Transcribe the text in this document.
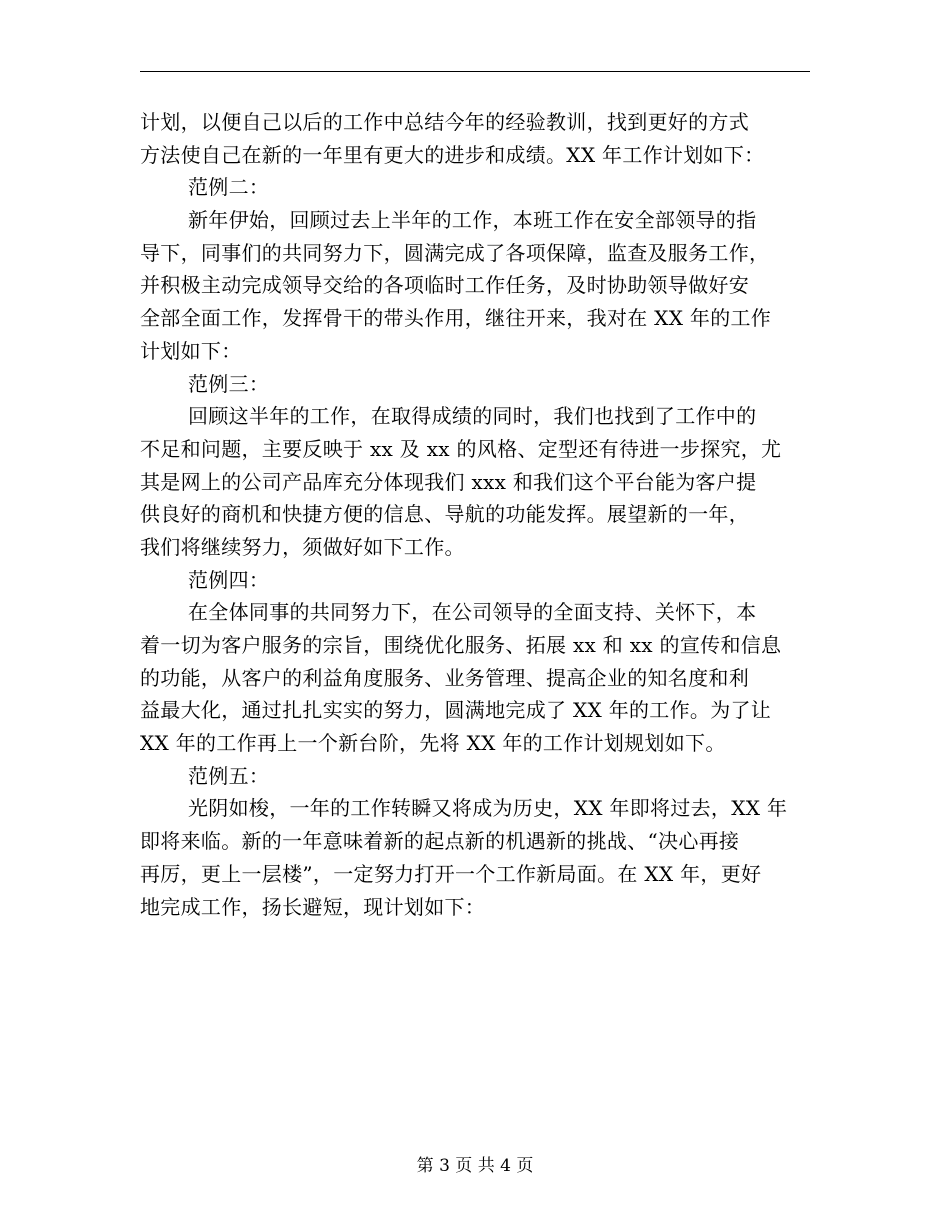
计划，以便自己以后的工作中总结今年的经验教训，找到更好的方式
方法使自己在新的一年里有更大的进步和成绩。XX 年工作计划如下：
范例二：
新年伊始，回顾过去上半年的工作，本班工作在安全部领导的指
导下，同事们的共同努力下，圆满完成了各项保障，监查及服务工作，
并积极主动完成领导交给的各项临时工作任务，及时协助领导做好安
全部全面工作，发挥骨干的带头作用，继往开来，我对在 XX 年的工作
计划如下：
范例三：
回顾这半年的工作，在取得成绩的同时，我们也找到了工作中的
不足和问题，主要反映于 xx 及 xx 的风格、定型还有待进一步探究，尤
其是网上的公司产品库充分体现我们 xxx 和我们这个平台能为客户提
供良好的商机和快捷方便的信息、导航的功能发挥。展望新的一年，
我们将继续努力，须做好如下工作。
范例四：
在全体同事的共同努力下，在公司领导的全面支持、关怀下，本
着一切为客户服务的宗旨，围绕优化服务、拓展 xx 和 xx 的宣传和信息
的功能，从客户的利益角度服务、业务管理、提高企业的知名度和利
益最大化，通过扎扎实实的努力，圆满地完成了 XX 年的工作。为了让
XX 年的工作再上一个新台阶，先将 XX 年的工作计划规划如下。
范例五：
光阴如梭，一年的工作转瞬又将成为历史，XX 年即将过去，XX 年
即将来临。新的一年意味着新的起点新的机遇新的挑战、“决心再接
再厉，更上一层楼”，一定努力打开一个工作新局面。在 XX 年，更好
地完成工作，扬长避短，现计划如下：
第 3 页 共 4 页
